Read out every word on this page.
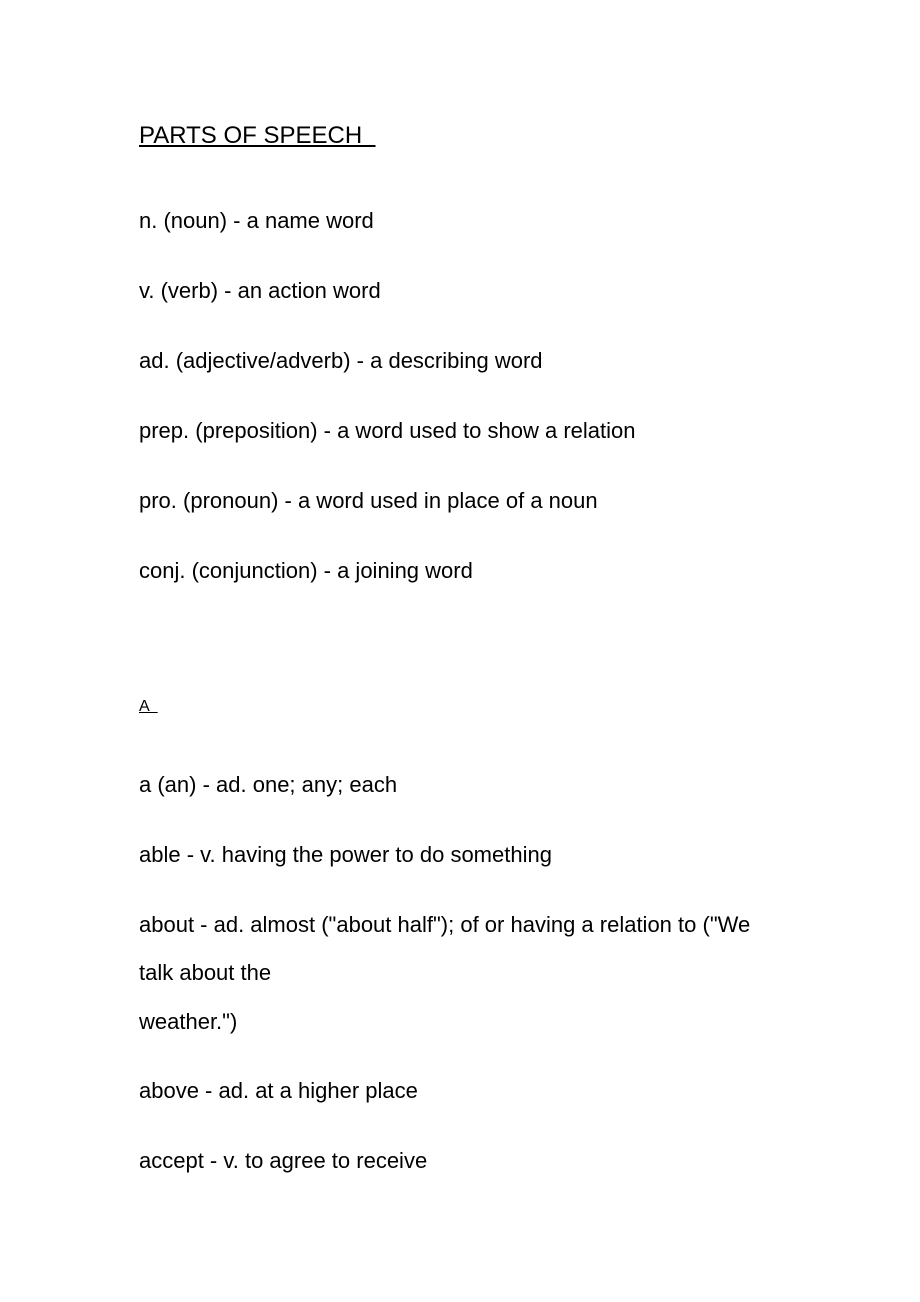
PARTS OF SPEECH

n. (noun) - a name word

v. (verb) - an action word

ad. (adjective/adverb) - a describing word

prep. (preposition) - a word used to show a relation

pro. (pronoun) - a word used in place of a noun

conj. (conjunction) - a joining word

A

a (an) - ad. one; any; each

able - v. having the power to do something

about - ad. almost ("about half"); of or having a relation to ("We

talk about the

weather.")

above - ad. at a higher place

accept - v. to agree to receive
